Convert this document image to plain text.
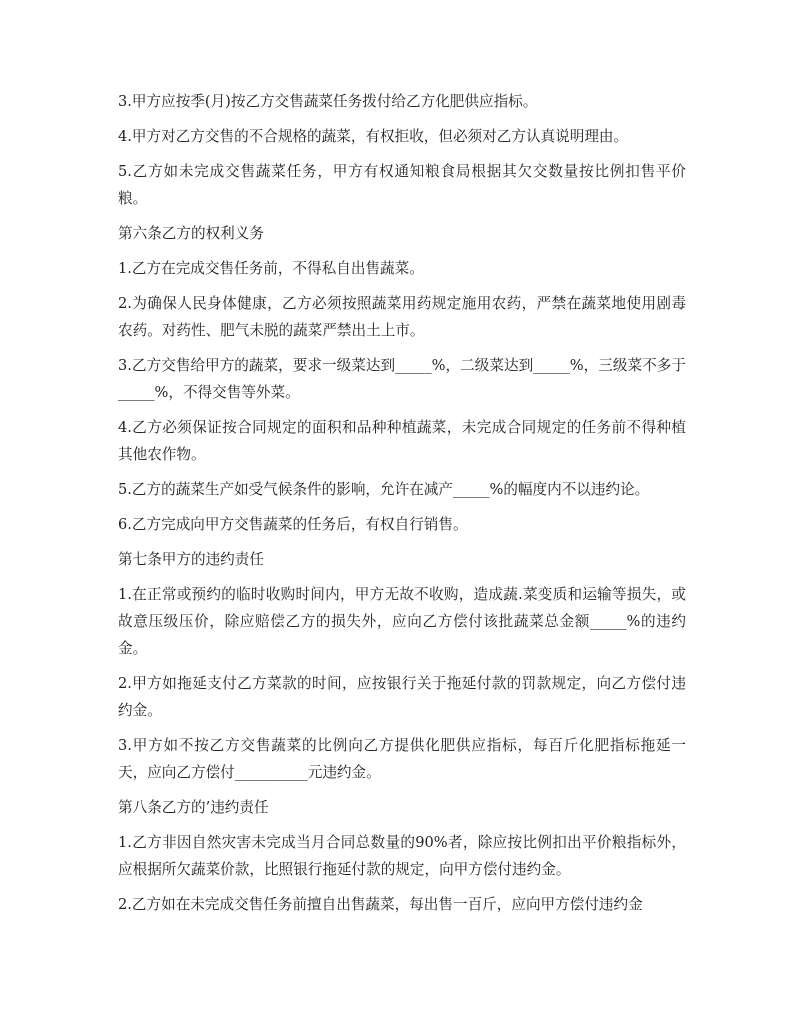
3.甲方应按季(月)按乙方交售蔬菜任务拨付给乙方化肥供应指标。

4.甲方对乙方交售的不合规格的蔬菜，有权拒收，但必须对乙方认真说明理由。

5.乙方如未完成交售蔬菜任务，甲方有权通知粮食局根据其欠交数量按比例扣售平价粮。

第六条乙方的权利义务

1.乙方在完成交售任务前，不得私自出售蔬菜。

2.为确保人民身体健康，乙方必须按照蔬菜用药规定施用农药，严禁在蔬菜地使用剧毒农药。对药性、肥气未脱的蔬菜严禁出土上市。

3.乙方交售给甲方的蔬菜，要求一级菜达到_____%，二级菜达到_____%，三级菜不多于_____%，不得交售等外菜。

4.乙方必须保证按合同规定的面积和品种种植蔬菜，未完成合同规定的任务前不得种植其他农作物。

5.乙方的蔬菜生产如受气候条件的影响，允许在减产_____%的幅度内不以违约论。

6.乙方完成向甲方交售蔬菜的任务后，有权自行销售。

第七条甲方的违约责任

1.在正常或预约的临时收购时间内，甲方无故不收购，造成蔬.菜变质和运输等损失，或故意压级压价，除应赔偿乙方的损失外，应向乙方偿付该批蔬菜总金额_____%的违约金。

2.甲方如拖延支付乙方菜款的时间，应按银行关于拖延付款的罚款规定，向乙方偿付违约金。

3.甲方如不按乙方交售蔬菜的比例向乙方提供化肥供应指标，每百斤化肥指标拖延一天，应向乙方偿付__________元违约金。

第八条乙方的’违约责任

1.乙方非因自然灾害未完成当月合同总数量的90%者，除应按比例扣出平价粮指标外，应根据所欠蔬菜价款，比照银行拖延付款的规定，向甲方偿付违约金。

2.乙方如在未完成交售任务前擅自出售蔬菜，每出售一百斤，应向甲方偿付违约金
